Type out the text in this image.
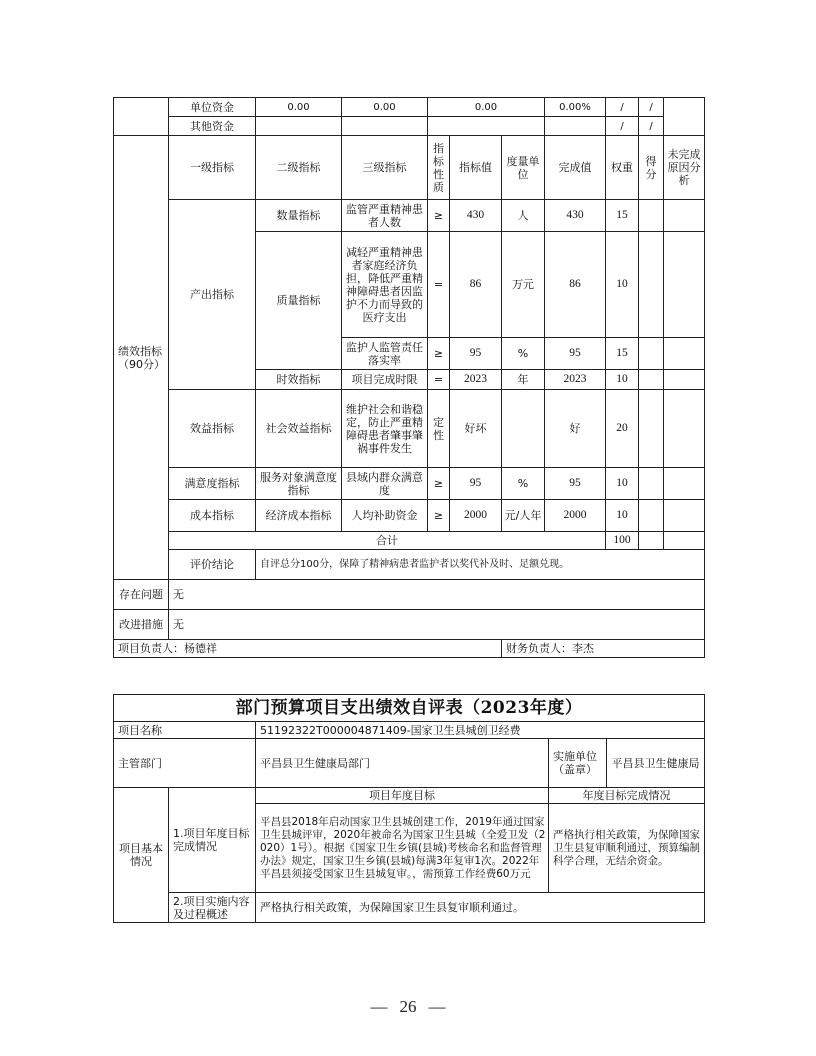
	单位资金	0.00	0.00	0.00			0.00%	/	/	
	其他资金							/	/	
绩效指标（90分）	一级指标	二级指标	三级指标	指标性质	指标值	度量单位	完成值	权重	得分	未完成原因分析
	产出指标	数量指标	监管严重精神患者人数	≥	430	人	430	15		
		质量指标	减轻严重精神患者家庭经济负担，降低严重精神障碍患者因监护不力而导致的医疗支出	=	86	万元	86	10		
			监护人监管责任落实率	≥	95	%	95	15		
		时效指标	项目完成时限	=	2023	年	2023	10		
	效益指标	社会效益指标	维护社会和谐稳定，防止严重精障碍患者肇事肇祸事件发生	定性	好坏		好	20		
	满意度指标	服务对象满意度指标	县域内群众满意度	≥	95	%	95	10		
	成本指标	经济成本指标	人均补助资金	≥	2000	元/人年	2000	10		
	合计							100		
	评价结论	自评总分100分，保障了精神病患者监护者以奖代补及时、足额兑现。								
存在问题	无									
改进措施	无									
项目负责人：杨德祥						财务负责人：李杰				
部门预算项目支出绩效自评表（2023年度）				
项目名称		51192322T000004871409-国家卫生县城创卫经费		
主管部门		平昌县卫生健康局部门	实施单位（盖章）	平昌县卫生健康局
项目基本情况	1.项目年度目标完成情况	项目年度目标	年度目标完成情况	
		平昌县2018年启动国家卫生县城创建工作，2019年通过国家卫生县城评审，2020年被命名为国家卫生县城（全爱卫发（2020）1号）。根据《国家卫生乡镇(县城)考核命名和监督管理办法》规定，国家卫生乡镇(县城)每满3年复审1次。2022年平昌县须接受国家卫生县城复审。，需预算工作经费60万元	严格执行相关政策，为保障国家卫生县复审顺利通过，预算编制科学合理，无结余资金。	
	2.项目实施内容及过程概述	严格执行相关政策，为保障国家卫生县复审顺利通过。		
— 26 —
